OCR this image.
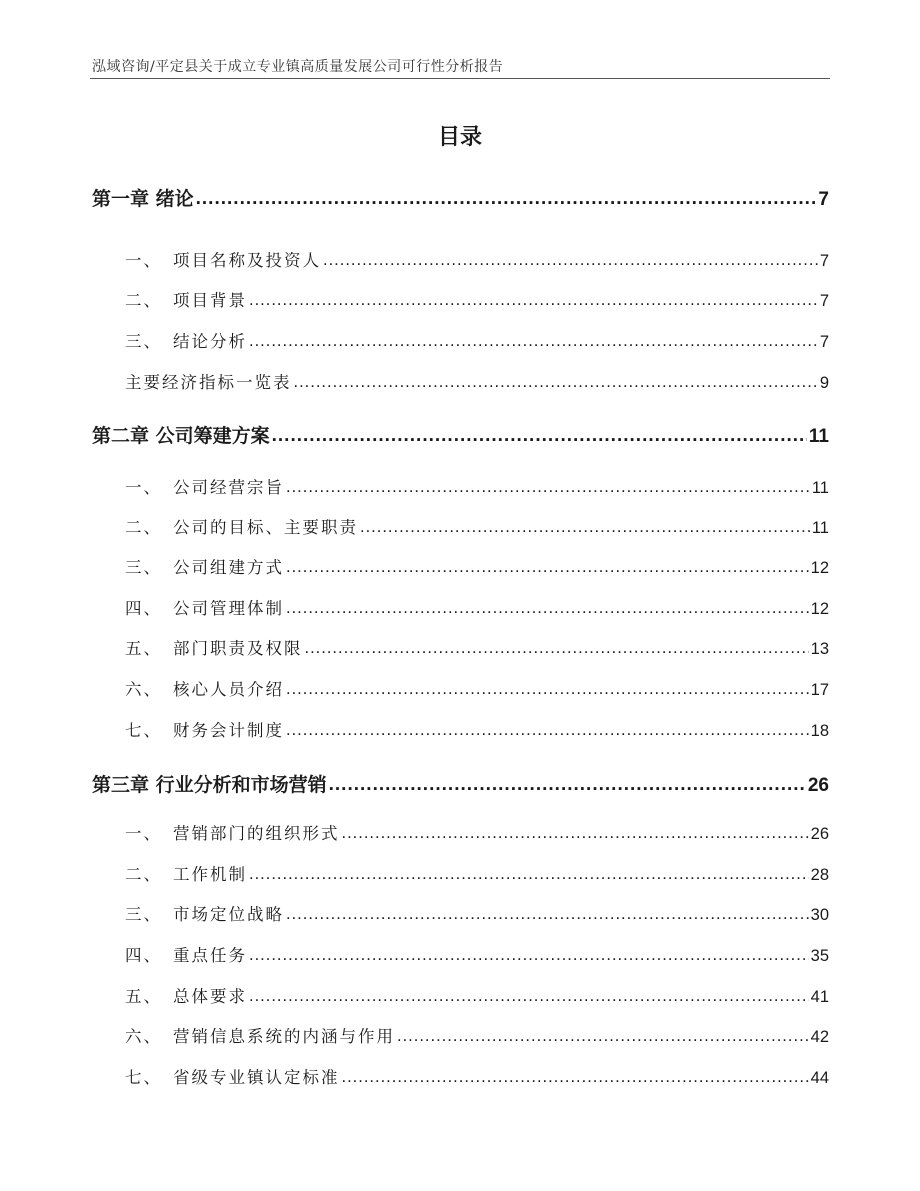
泓域咨询/平定县关于成立专业镇高质量发展公司可行性分析报告
目录
第一章 绪论 .....	7
一、 项目名称及投资人 .....	7
二、 项目背景 .....	7
三、 结论分析 .....	7
主要经济指标一览表 .....	9
第二章 公司筹建方案 .....	11
一、 公司经营宗旨 .....	11
二、 公司的目标、主要职责 .....	11
三、 公司组建方式 .....	12
四、 公司管理体制 .....	12
五、 部门职责及权限 .....	13
六、 核心人员介绍 .....	17
七、 财务会计制度 .....	18
第三章 行业分析和市场营销 .....	26
一、 营销部门的组织形式 .....	26
二、 工作机制 .....	28
三、 市场定位战略 .....	30
四、 重点任务 .....	35
五、 总体要求 .....	41
六、 营销信息系统的内涵与作用 .....	42
七、 省级专业镇认定标准 .....	44
